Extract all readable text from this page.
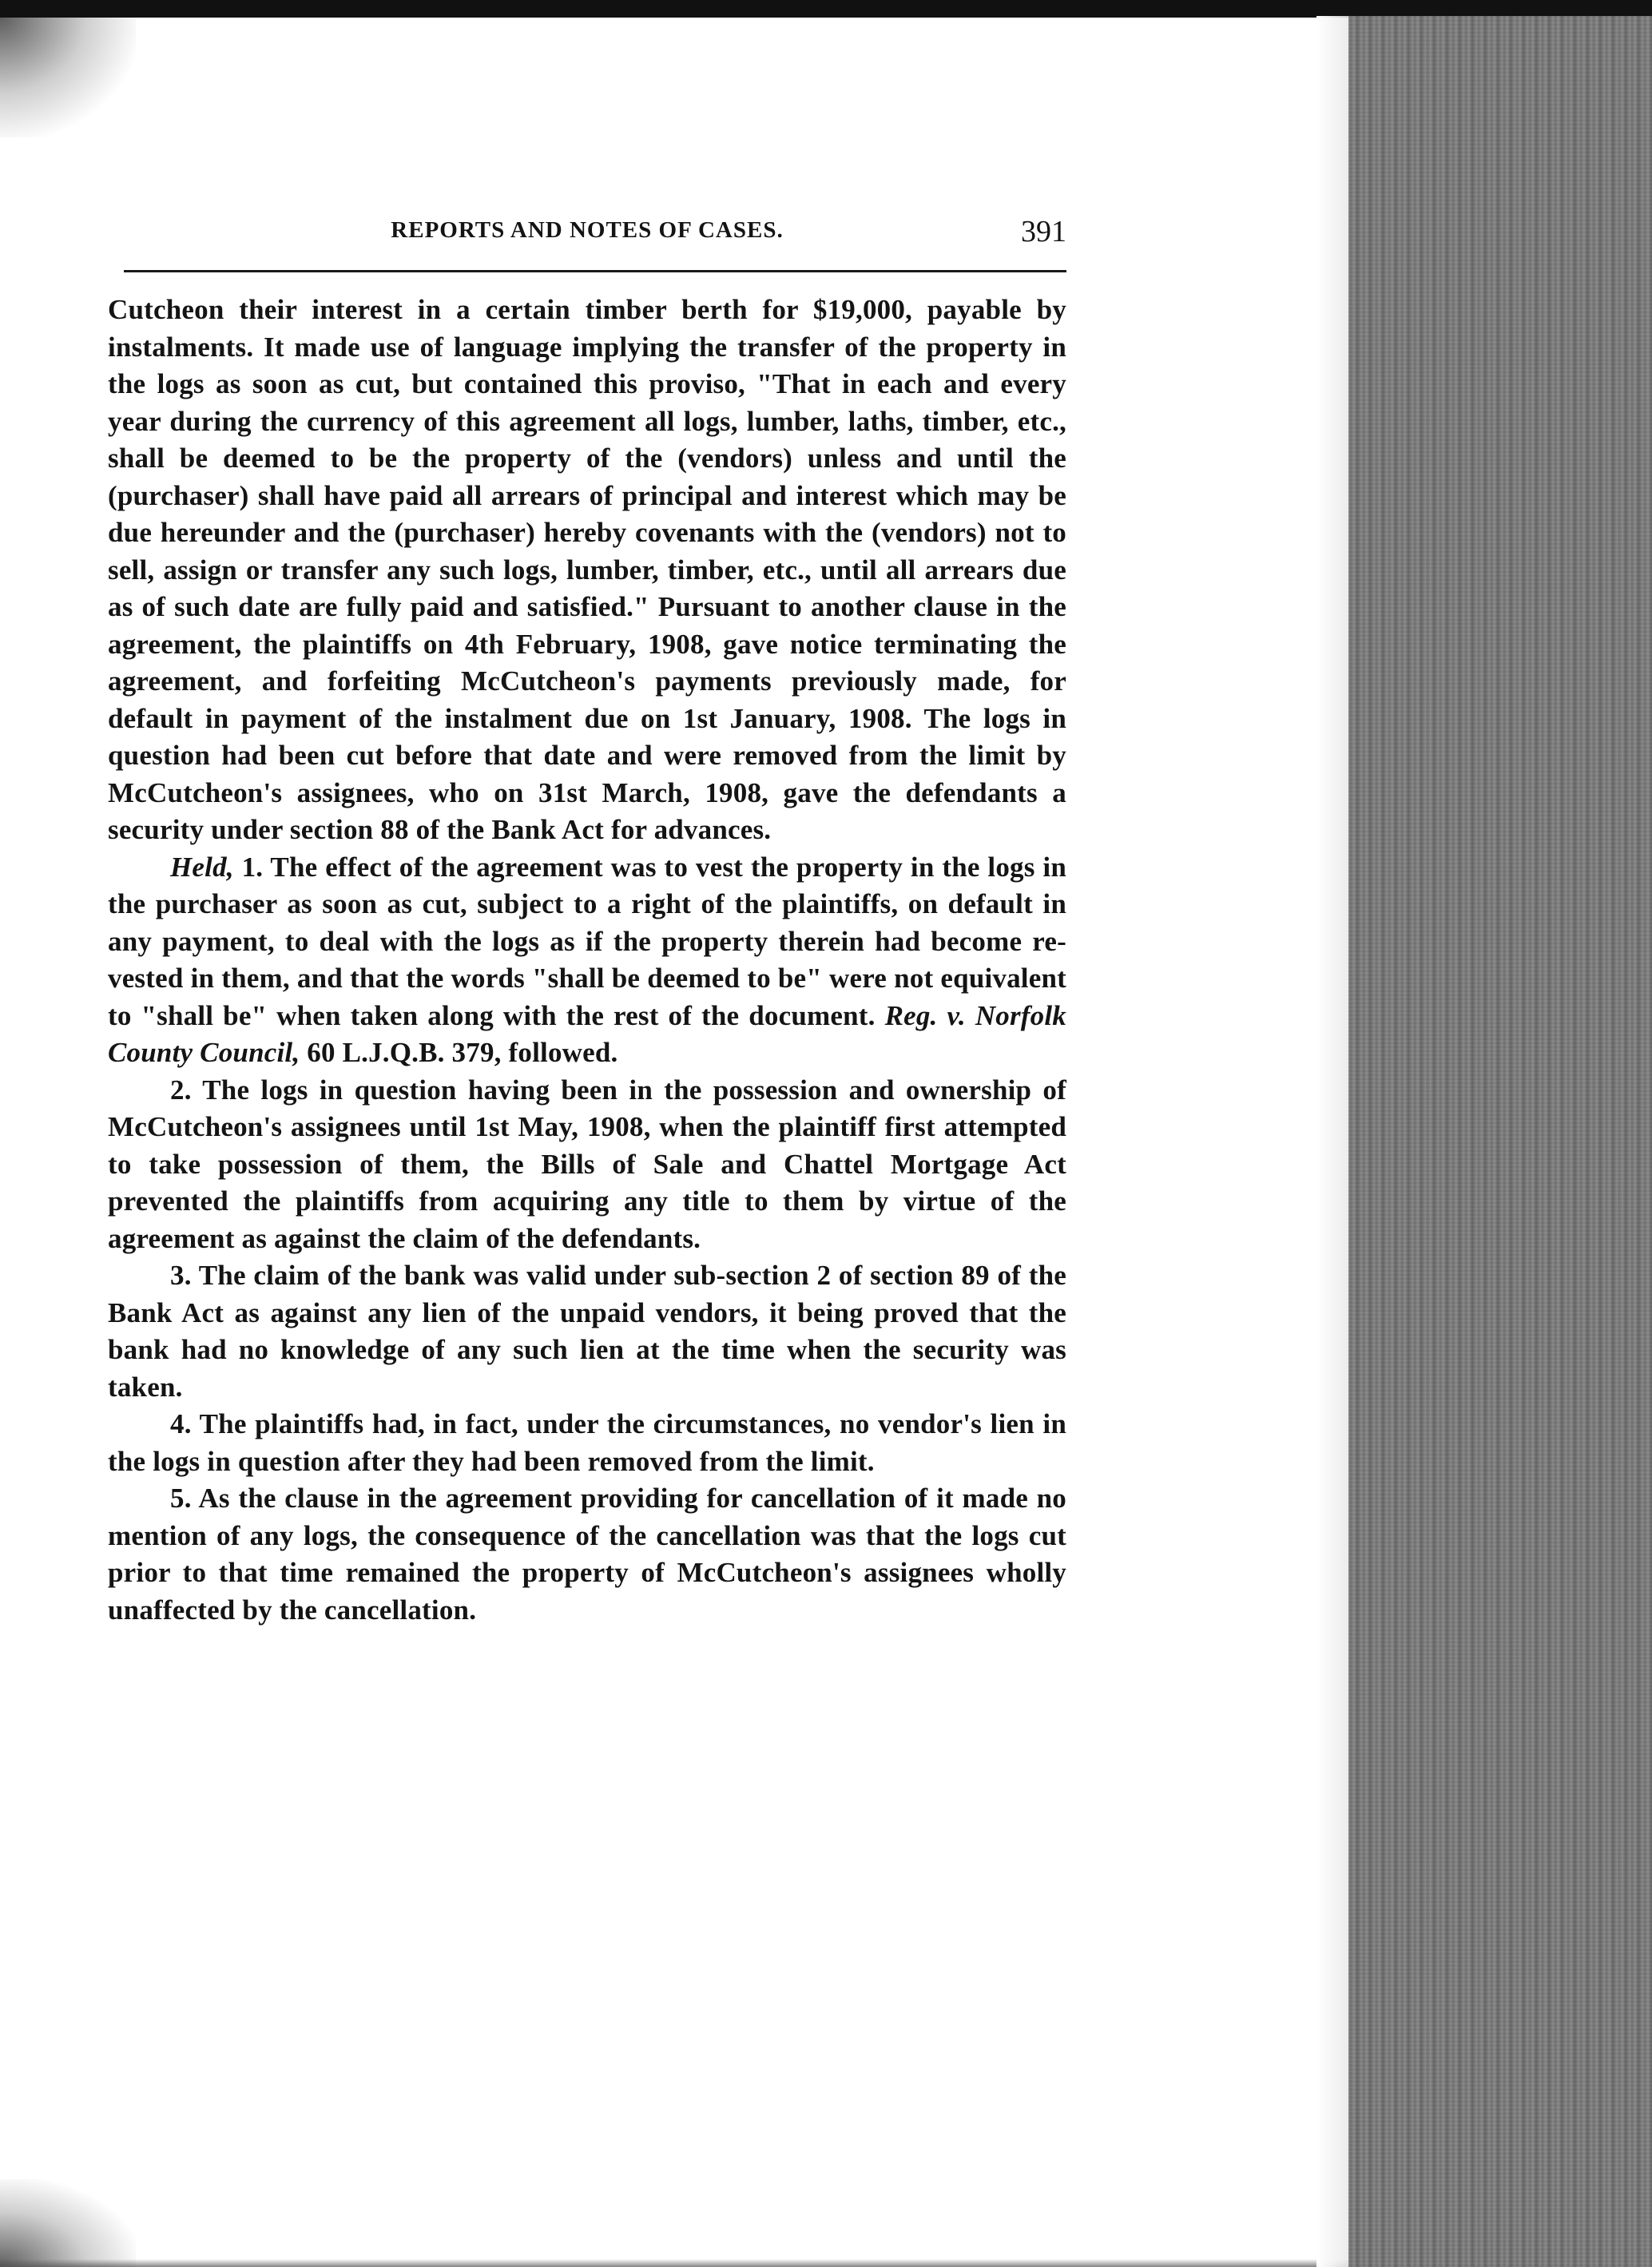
REPORTS AND NOTES OF CASES.	391

Cutcheon their interest in a certain timber berth for $19,000, payable by instalments. It made use of language implying the transfer of the property in the logs as soon as cut, but contained this proviso, "That in each and every year during the currency of this agreement all logs, lumber, laths, timber, etc., shall be deemed to be the property of the (vendors) unless and until the (purchaser) shall have paid all arrears of principal and interest which may be due hereunder and the (purchaser) hereby covenants with the (vendors) not to sell, assign or transfer any such logs, lumber, timber, etc., until all arrears due as of such date are fully paid and satisfied." Pursuant to another clause in the agreement, the plaintiffs on 4th February, 1908, gave notice terminating the agreement, and forfeiting McCutcheon's payments previously made, for default in payment of the instalment due on 1st January, 1908. The logs in question had been cut before that date and were removed from the limit by McCutcheon's assignees, who on 31st March, 1908, gave the defendants a security under section 88 of the Bank Act for advances.

Held, 1. The effect of the agreement was to vest the property in the logs in the purchaser as soon as cut, subject to a right of the plaintiffs, on default in any payment, to deal with the logs as if the property therein had become re-vested in them, and that the words "shall be deemed to be" were not equivalent to "shall be" when taken along with the rest of the document. Reg. v. Norfolk County Council, 60 L.J.Q.B. 379, followed.

2. The logs in question having been in the possession and ownership of McCutcheon's assignees until 1st May, 1908, when the plaintiff first attempted to take possession of them, the Bills of Sale and Chattel Mortgage Act prevented the plaintiffs from acquiring any title to them by virtue of the agreement as against the claim of the defendants.

3. The claim of the bank was valid under sub-section 2 of section 89 of the Bank Act as against any lien of the unpaid vendors, it being proved that the bank had no knowledge of any such lien at the time when the security was taken.

4. The plaintiffs had, in fact, under the circumstances, no vendor's lien in the logs in question after they had been removed from the limit.

5. As the clause in the agreement providing for cancellation of it made no mention of any logs, the consequence of the cancellation was that the logs cut prior to that time remained the property of McCutcheon's assignees wholly unaffected by the cancellation.
